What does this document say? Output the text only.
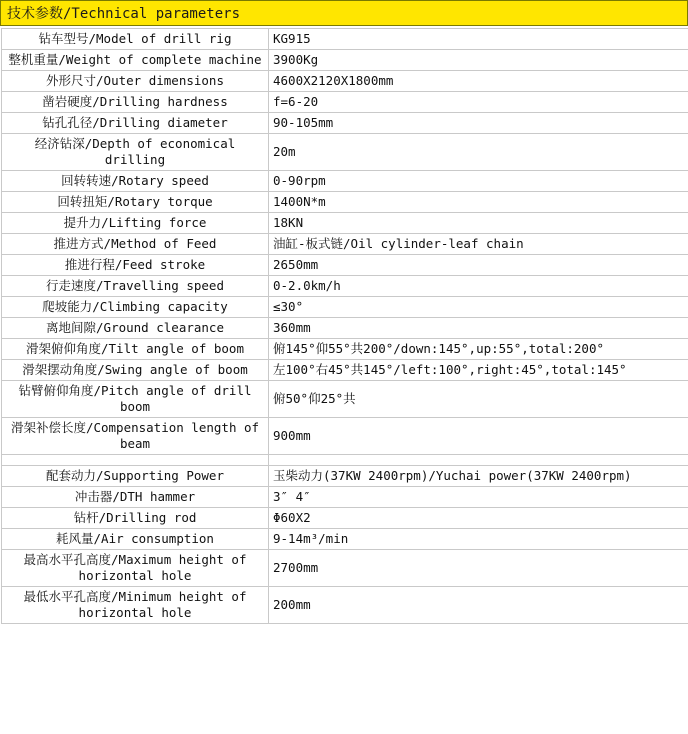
技术参数/Technical parameters
钻车型号/Model of drill rig	KG915
整机重量/Weight of complete machine	3900Kg
外形尺寸/Outer dimensions	4600X2120X1800mm
凿岩硬度/Drilling hardness	f=6-20
钻孔孔径/Drilling diameter	90-105mm
经济钻深/Depth of economical drilling	20m
回转转速/Rotary speed	0-90rpm
回转扭矩/Rotary torque	1400N*m
提升力/Lifting force	18KN
推进方式/Method of Feed	油缸-板式链/Oil cylinder-leaf chain
推进行程/Feed stroke	2650mm
行走速度/Travelling speed	0-2.0km/h
爬坡能力/Climbing capacity	≤30°
离地间隙/Ground clearance	360mm
滑架俯仰角度/Tilt angle of boom	俯145°仰55°共200°/down:145°,up:55°,total:200°
滑架摆动角度/Swing angle of boom	左100°右45°共145°/left:100°,right:45°,total:145°
钻臂俯仰角度/Pitch angle of drill boom	俯50°仰25°共
滑架补偿长度/Compensation length of beam	900mm

配套动力/Supporting Power	玉柴动力(37KW 2400rpm)/Yuchai power(37KW 2400rpm)
冲击器/DTH hammer	3″ 4″
钻杆/Drilling rod	Φ60X2
耗风量/Air consumption	9-14m³/min
最高水平孔高度/Maximum height of horizontal hole	2700mm
最低水平孔高度/Minimum height of horizontal hole	200mm
